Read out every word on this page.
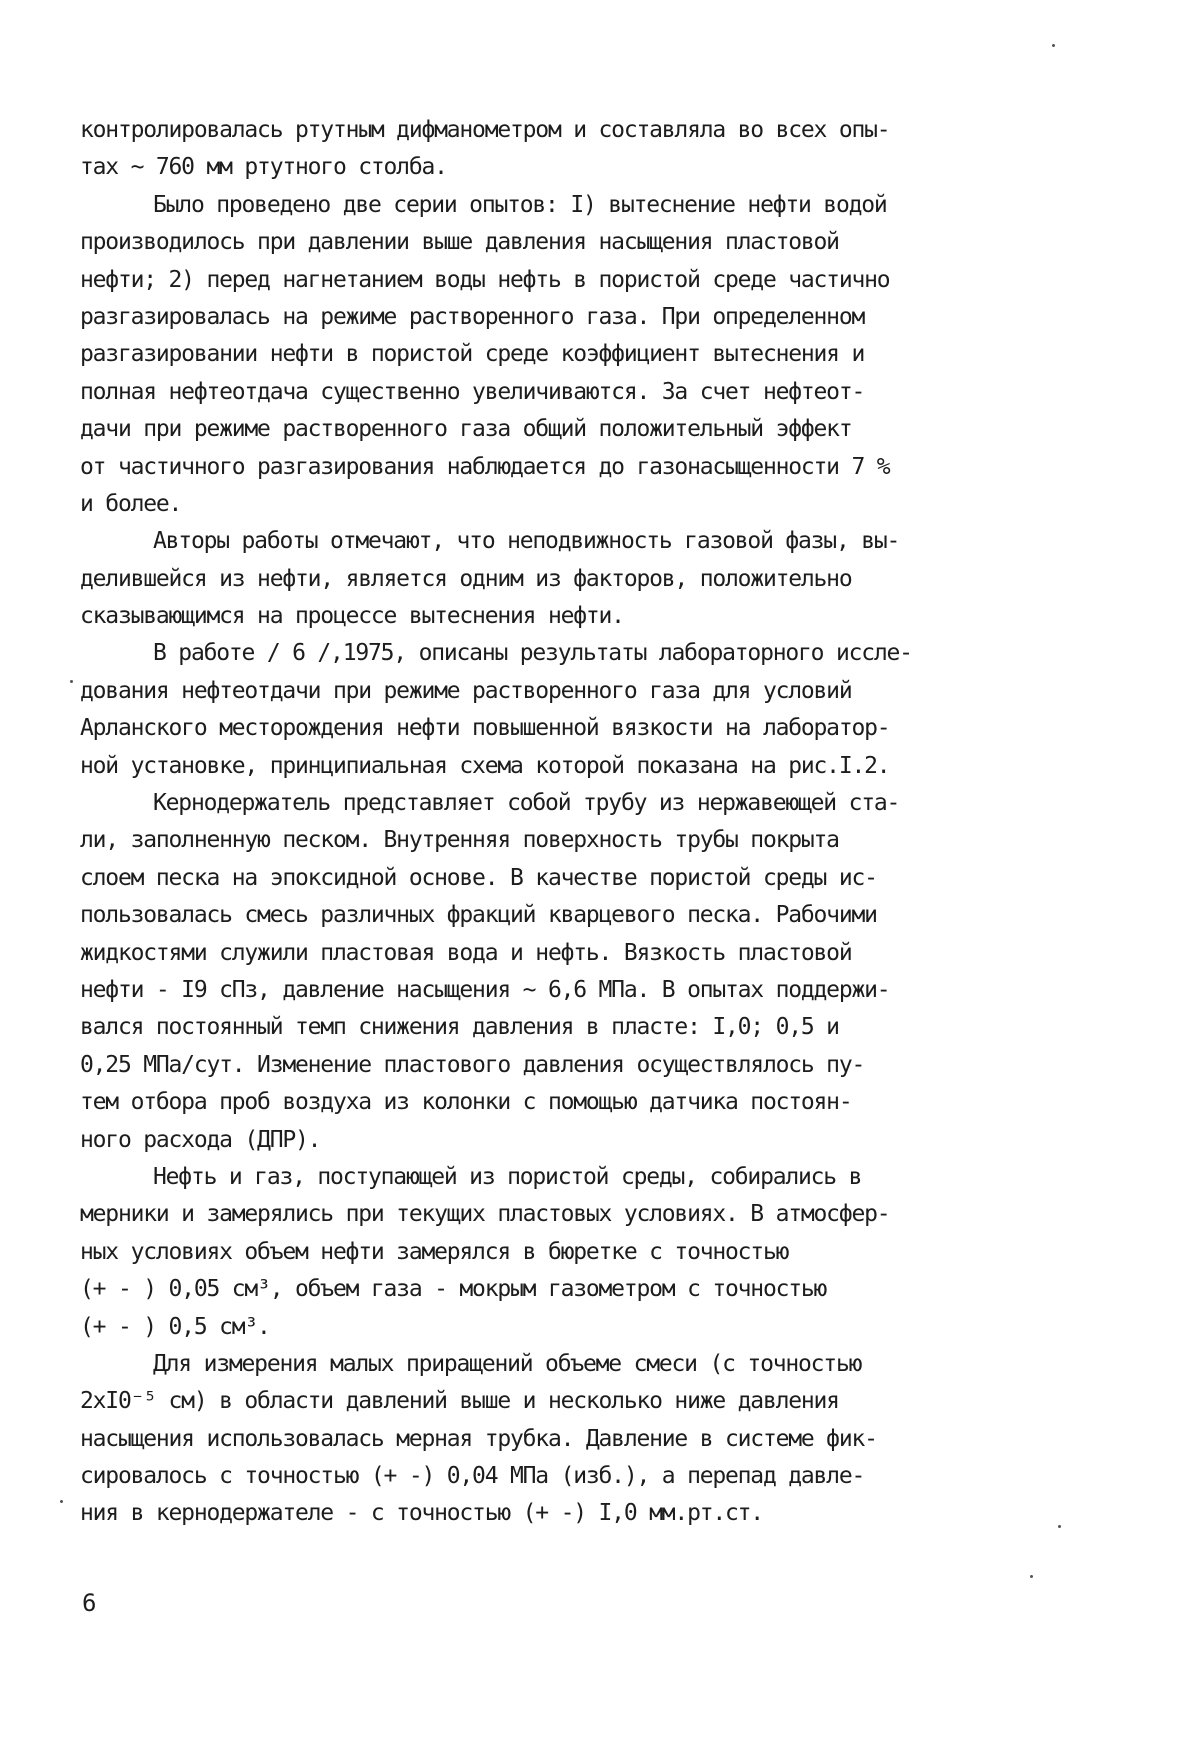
контролировалась ртутным дифманометром и составляла во всех опы-
тах ~ 760 мм ртутного столба.
Было проведено две серии опытов: I) вытеснение нефти водой
производилось при давлении выше давления насыщения пластовой
нефти; 2) перед нагнетанием воды нефть в пористой среде частично
разгазировалась на режиме растворенного газа. При определенном
разгазировании нефти в пористой среде коэффициент вытеснения и
полная нефтеотдача существенно увеличиваются. За счет нефтеот-
дачи при режиме растворенного газа общий положительный эффект
от частичного разгазирования наблюдается до газонасыщенности 7 %
и более.
Авторы работы отмечают, что неподвижность газовой фазы, вы-
делившейся из нефти, является одним из факторов, положительно
сказывающимся на процессе вытеснения нефти.
В работе / 6 /,1975, описаны результаты лабораторного иссле-
дования нефтеотдачи при режиме растворенного газа для условий
Арланского месторождения нефти повышенной вязкости на лаборатор-
ной установке, принципиальная схема которой показана на рис.I.2.
Кернодержатель представляет собой трубу из нержавеющей ста-
ли, заполненную песком. Внутренняя поверхность трубы покрыта
слоем песка на эпоксидной основе. В качестве пористой среды ис-
пользовалась смесь различных фракций кварцевого песка. Рабочими
жидкостями служили пластовая вода и нефть. Вязкость пластовой
нефти - I9 сПз, давление насыщения ~ 6,6 МПа. В опытах поддержи-
вался постоянный темп снижения давления в пласте: I,0; 0,5 и
0,25 МПа/сут. Изменение пластового давления осуществлялось пу-
тем отбора проб воздуха из колонки с помощью датчика постоян-
ного расхода (ДПР).
Нефть и газ, поступающей из пористой среды, собирались в
мерники и замерялись при текущих пластовых условиях. В атмосфер-
ных условиях объем нефти замерялся в бюретке с точностью
(+ - ) 0,05 см³, объем газа - мокрым газометром с точностью
(+ - ) 0,5 см³.
Для измерения малых приращений объеме смеси (с точностью
2хI0⁻⁵ см) в области давлений выше и несколько ниже давления
насыщения использовалась мерная трубка. Давление в системе фик-
сировалось с точностью (+ -) 0,04 МПа (изб.), а перепад давле-
ния в кернодержателе - с точностью (+ -) I,0 мм.рт.ст.
6
